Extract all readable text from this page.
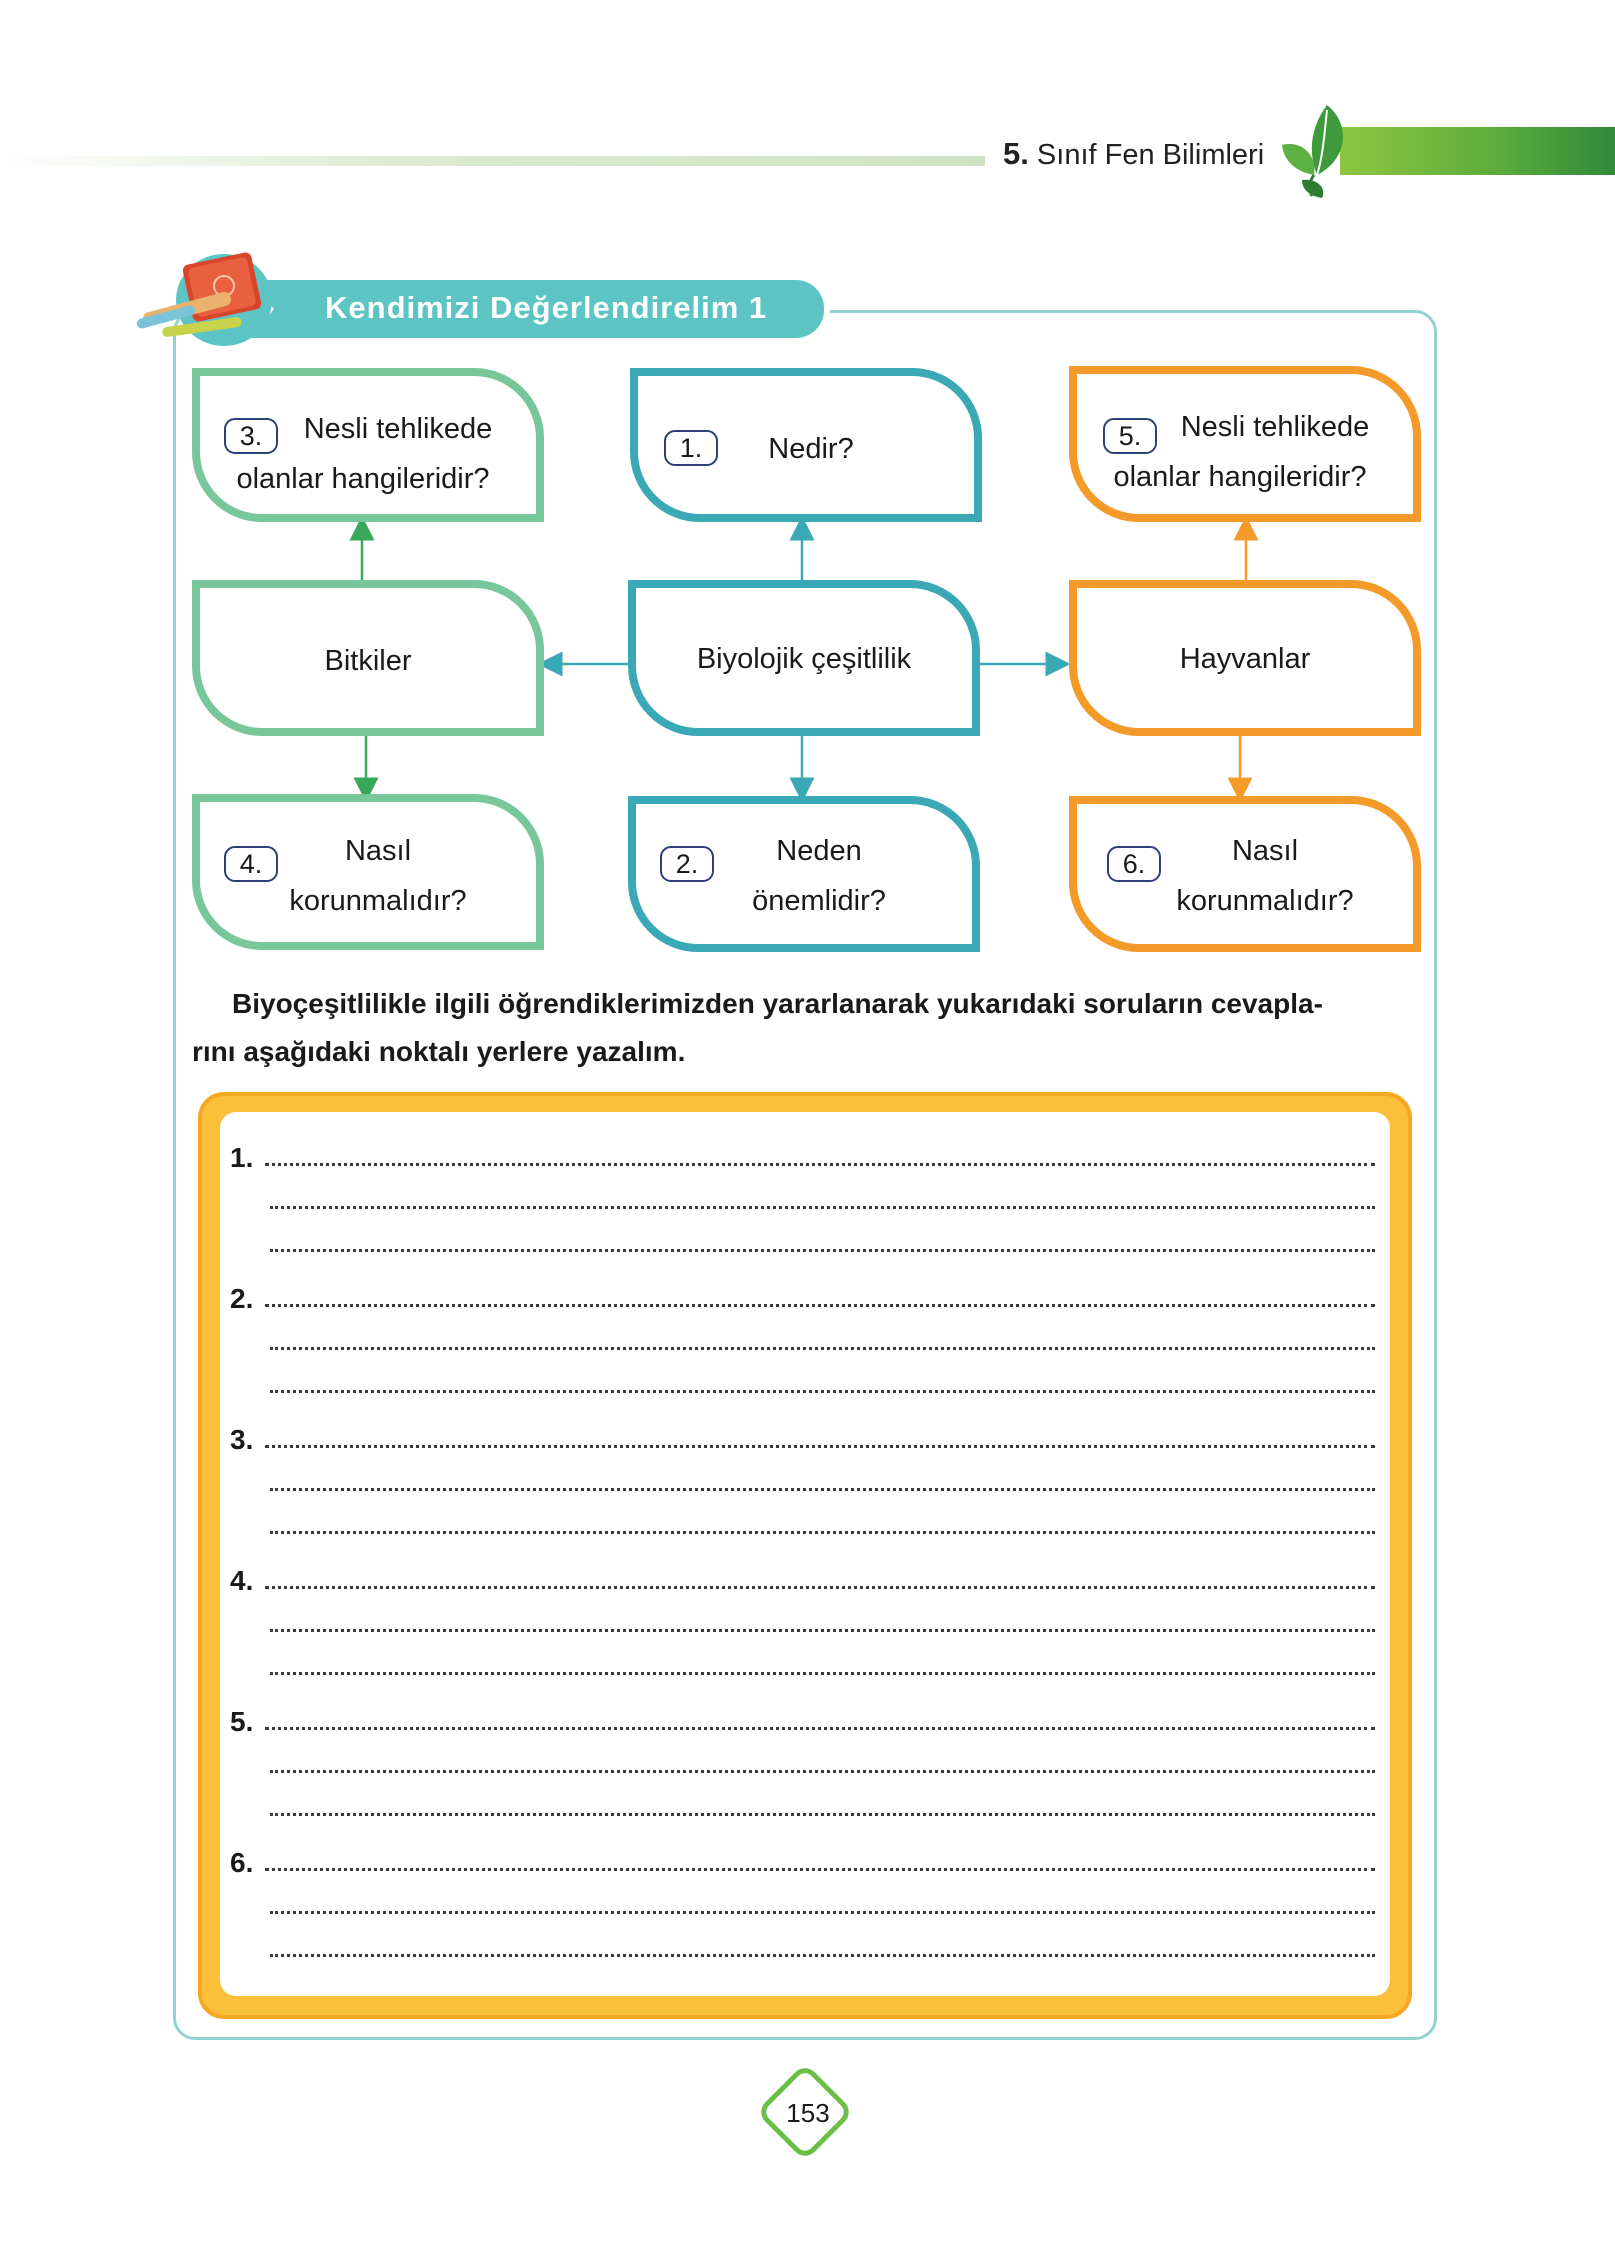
5. Sınıf Fen Bilimleri
Kendimizi Değerlendirelim 1
3.	Nesli tehlikede
olanlar hangileridir?
1.	Nedir?	5.	Nesli tehlikede
olanlar hangileridir?
Bitkiler	Biyolojik çeşitlilik	Hayvanlar
4.	Nasıl
korunmalıdır?
2.	Neden
önemlidir?
6.	Nasıl
korunmalıdır?

Biyoçeşitlilikle ilgili öğrendiklerimizden yararlanarak yukarıdaki soruların cevapla-

rını aşağıdaki noktalı yerlere yazalım.
1.
2.
3.
4.
5.
6.
153
